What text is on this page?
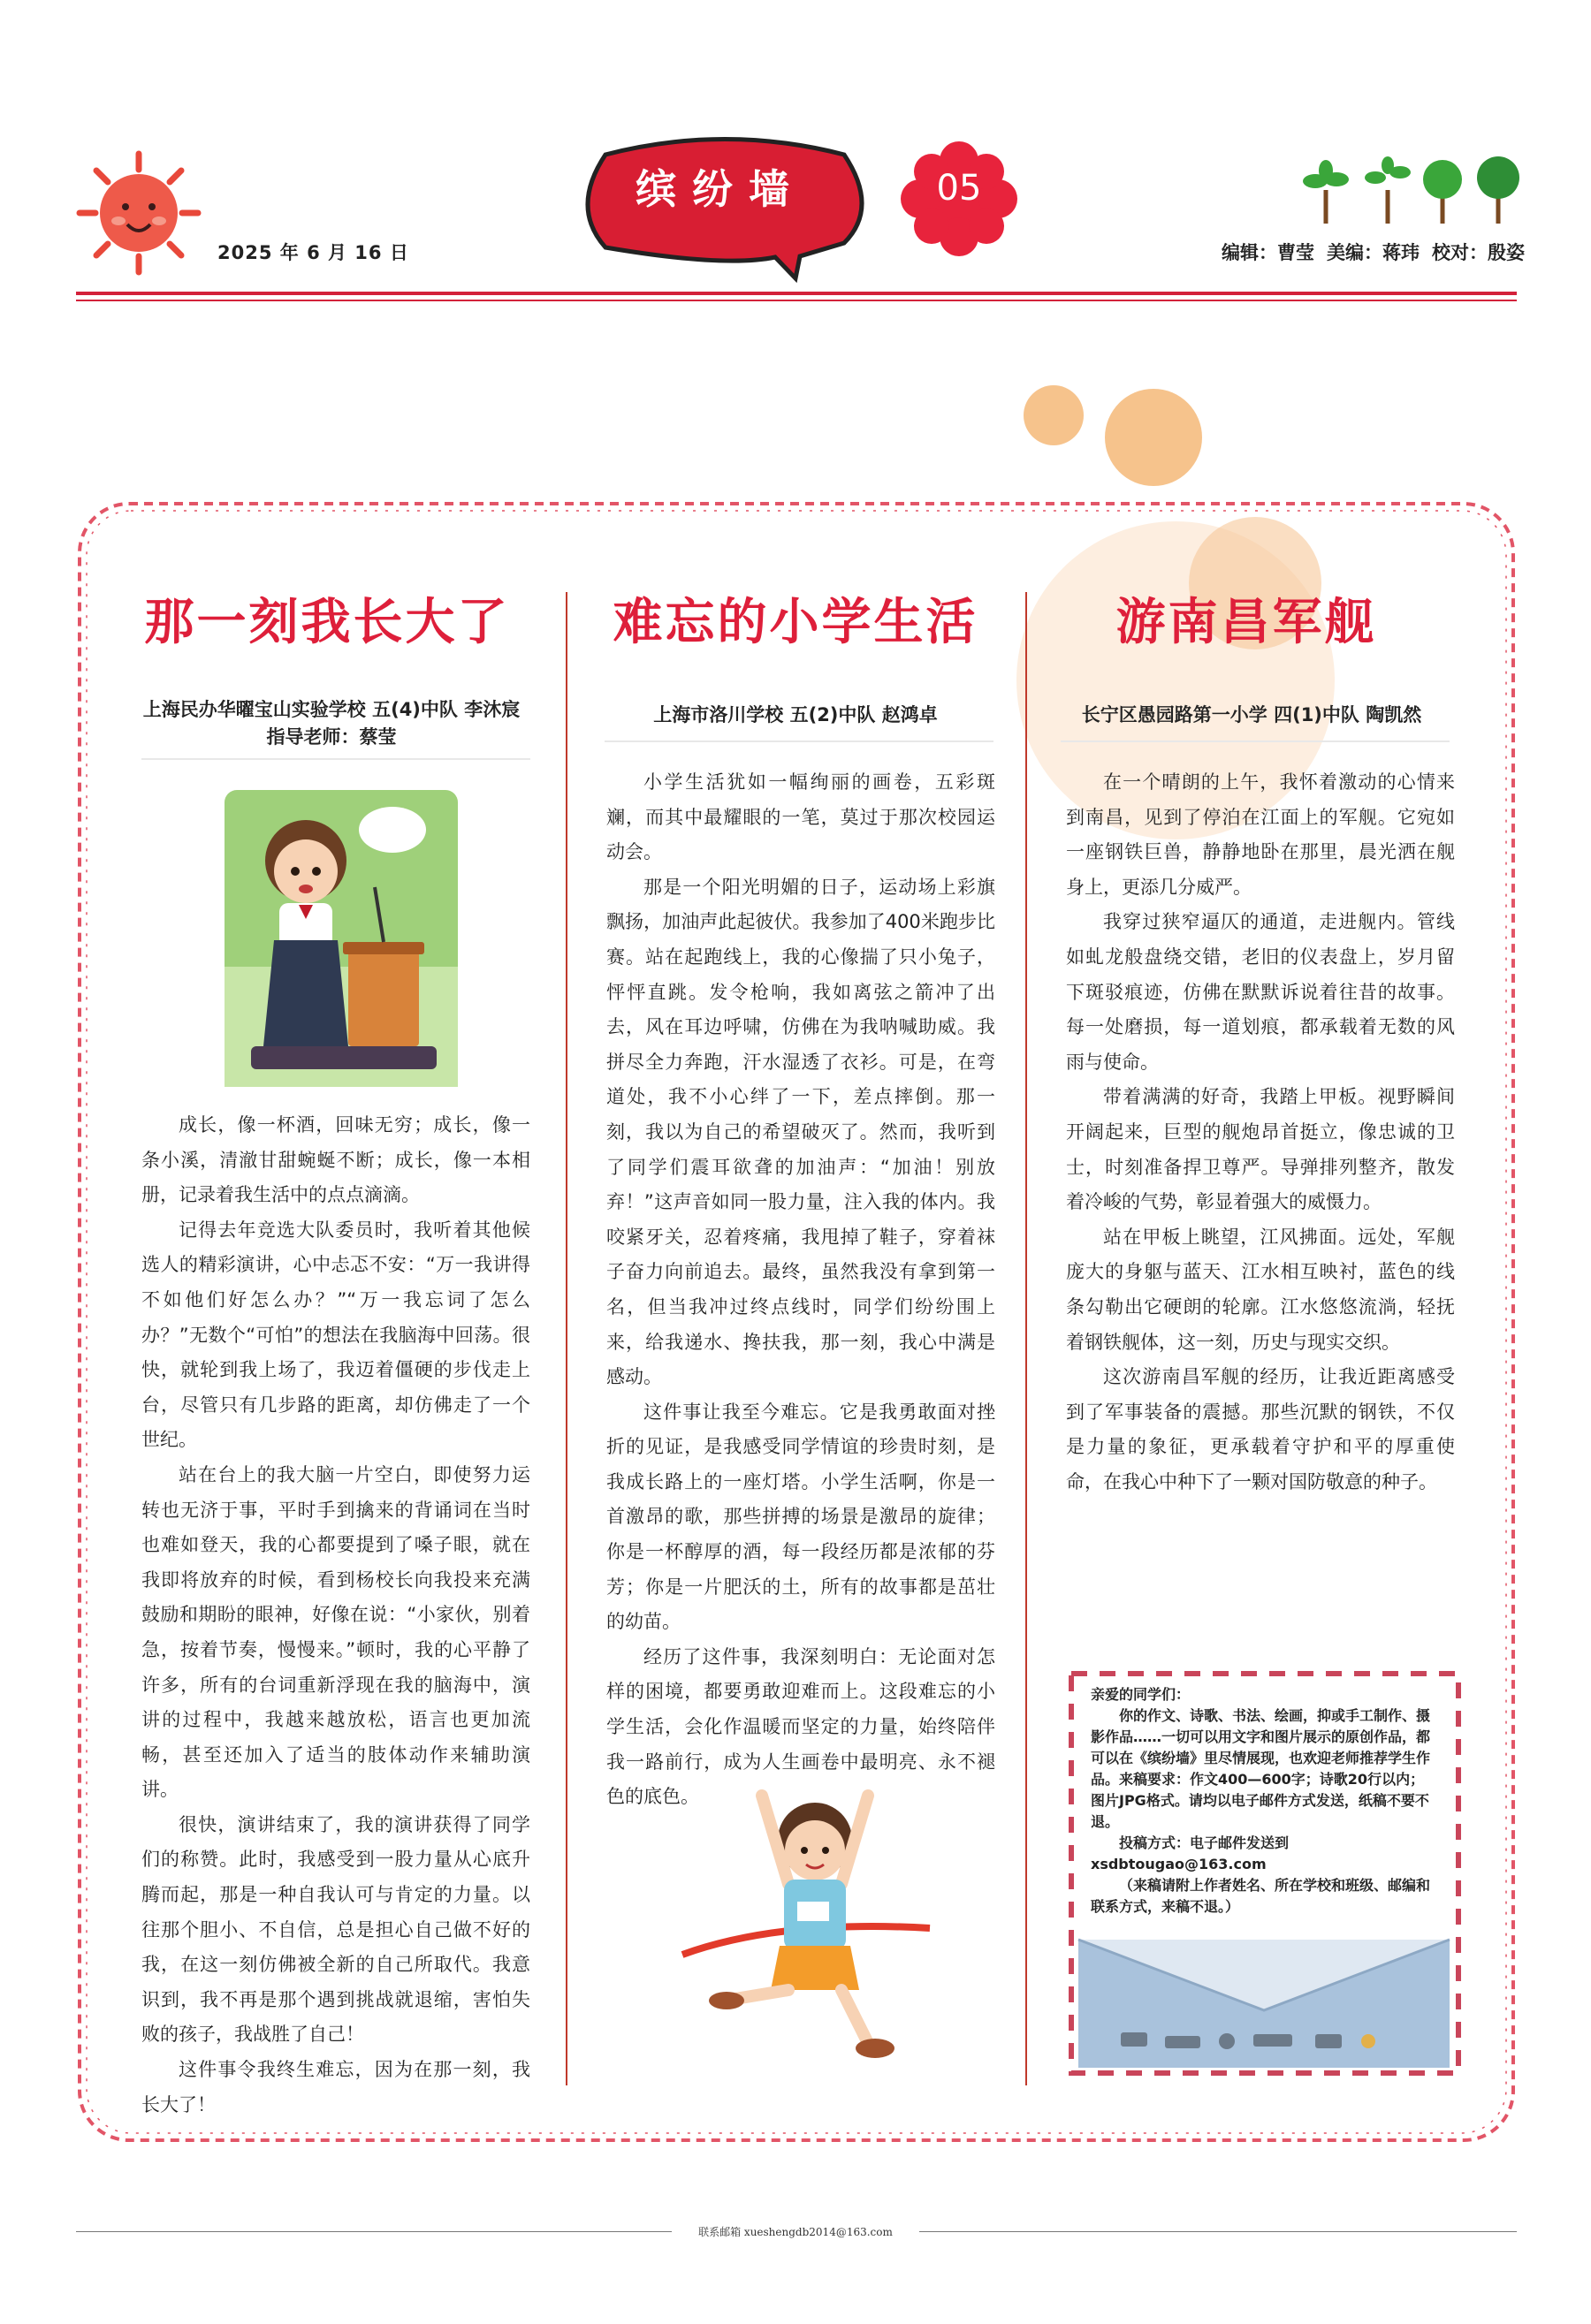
2025 年 6 月 16 日
缤纷墙	05
编辑：曹莹 美编：蒋玮 校对：殷姿
那一刻我长大了
上海民办华曜宝山实验学校 五(4)中队 李沐宸
指导老师：蔡莹

成长，像一杯酒，回味无穷；成长，像一条小溪，清澈甘甜蜿蜒不断；成长，像一本相册，记录着我生活中的点点滴滴。

记得去年竞选大队委员时，我听着其他候选人的精彩演讲，心中忐忑不安：“万一我讲得不如他们好怎么办？”“万一我忘词了怎么办？”无数个“可怕”的想法在我脑海中回荡。很快，就轮到我上场了，我迈着僵硬的步伐走上台，尽管只有几步路的距离，却仿佛走了一个世纪。

站在台上的我大脑一片空白，即使努力运转也无济于事，平时手到擒来的背诵词在当时也难如登天，我的心都要提到了嗓子眼，就在我即将放弃的时候，看到杨校长向我投来充满鼓励和期盼的眼神，好像在说：“小家伙，别着急，按着节奏，慢慢来。”顿时，我的心平静了许多，所有的台词重新浮现在我的脑海中，演讲的过程中，我越来越放松，语言也更加流畅，甚至还加入了适当的肢体动作来辅助演讲。

很快，演讲结束了，我的演讲获得了同学们的称赞。此时，我感受到一股力量从心底升腾而起，那是一种自我认可与肯定的力量。以往那个胆小、不自信，总是担心自己做不好的我，在这一刻仿佛被全新的自己所取代。我意识到，我不再是那个遇到挑战就退缩，害怕失败的孩子，我战胜了自己！

这件事令我终生难忘，因为在那一刻，我长大了！

难忘的小学生活
上海市洛川学校 五(2)中队 赵鸿卓

小学生活犹如一幅绚丽的画卷，五彩斑斓，而其中最耀眼的一笔，莫过于那次校园运动会。

那是一个阳光明媚的日子，运动场上彩旗飘扬，加油声此起彼伏。我参加了400米跑步比赛。站在起跑线上，我的心像揣了只小兔子，怦怦直跳。发令枪响，我如离弦之箭冲了出去，风在耳边呼啸，仿佛在为我呐喊助威。我拼尽全力奔跑，汗水湿透了衣衫。可是，在弯道处，我不小心绊了一下，差点摔倒。那一刻，我以为自己的希望破灭了。然而，我听到了同学们震耳欲聋的加油声：“加油！别放弃！”这声音如同一股力量，注入我的体内。我咬紧牙关，忍着疼痛，我甩掉了鞋子，穿着袜子奋力向前追去。最终，虽然我没有拿到第一名，但当我冲过终点线时，同学们纷纷围上来，给我递水、搀扶我，那一刻，我心中满是感动。

这件事让我至今难忘。它是我勇敢面对挫折的见证，是我感受同学情谊的珍贵时刻，是我成长路上的一座灯塔。小学生活啊，你是一首激昂的歌，那些拼搏的场景是激昂的旋律；你是一杯醇厚的酒，每一段经历都是浓郁的芬芳；你是一片肥沃的土，所有的故事都是茁壮的幼苗。

经历了这件事，我深刻明白：无论面对怎样的困境，都要勇敢迎难而上。这段难忘的小学生活，会化作温暖而坚定的力量，始终陪伴我一路前行，成为人生画卷中最明亮、永不褪色的底色。

游南昌军舰
长宁区愚园路第一小学 四(1)中队 陶凯然

在一个晴朗的上午，我怀着激动的心情来到南昌，见到了停泊在江面上的军舰。它宛如一座钢铁巨兽，静静地卧在那里，晨光洒在舰身上，更添几分威严。

我穿过狭窄逼仄的通道，走进舰内。管线如虬龙般盘绕交错，老旧的仪表盘上，岁月留下斑驳痕迹，仿佛在默默诉说着往昔的故事。每一处磨损，每一道划痕，都承载着无数的风雨与使命。

带着满满的好奇，我踏上甲板。视野瞬间开阔起来，巨型的舰炮昂首挺立，像忠诚的卫士，时刻准备捍卫尊严。导弹排列整齐，散发着冷峻的气势，彰显着强大的威慑力。

站在甲板上眺望，江风拂面。远处，军舰庞大的身躯与蓝天、江水相互映衬，蓝色的线条勾勒出它硬朗的轮廓。江水悠悠流淌，轻抚着钢铁舰体，这一刻，历史与现实交织。

这次游南昌军舰的经历，让我近距离感受到了军事装备的震撼。那些沉默的钢铁，不仅是力量的象征，更承载着守护和平的厚重使命，在我心中种下了一颗对国防敬意的种子。

亲爱的同学们：

你的作文、诗歌、书法、绘画，抑或手工制作、摄影作品……一切可以用文字和图片展示的原创作品，都可以在《缤纷墙》里尽情展现，也欢迎老师推荐学生作品。来稿要求：作文400—600字；诗歌20行以内；图片JPG格式。请均以电子邮件方式发送，纸稿不要不退。

投稿方式：电子邮件发送到xsdbtougao@163.com

（来稿请附上作者姓名、所在学校和班级、邮编和联系方式，来稿不退。）

联系邮箱 xueshengdb2014@163.com
